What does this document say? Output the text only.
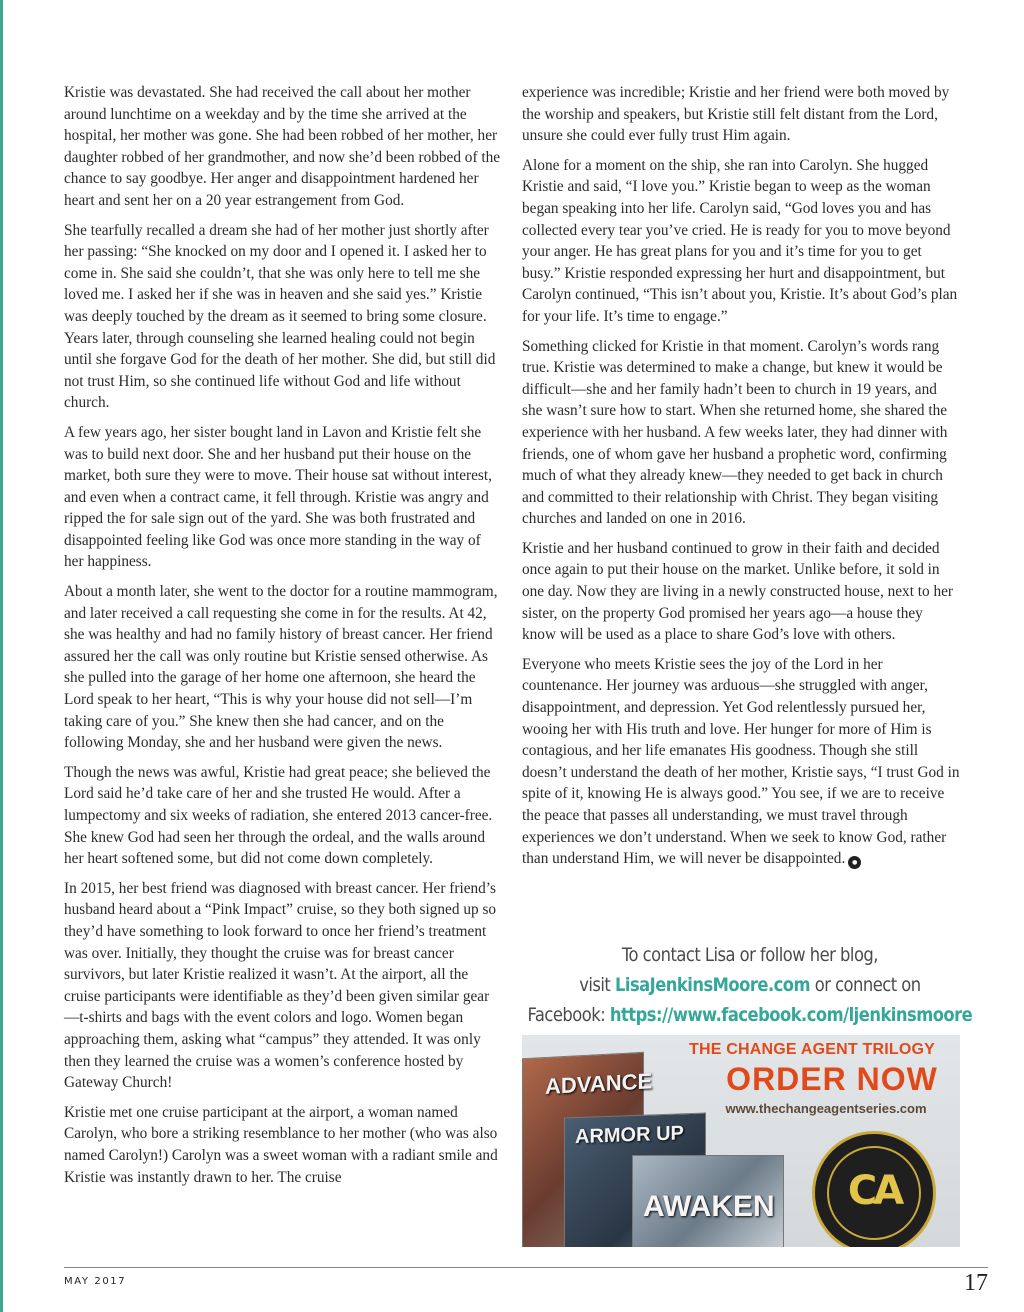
Kristie was devastated. She had received the call about her mother around lunchtime on a weekday and by the time she arrived at the hospital, her mother was gone. She had been robbed of her mother, her daughter robbed of her grandmother, and now she’d been robbed of the chance to say goodbye. Her anger and disappointment hardened her heart and sent her on a 20 year estrangement from God.

She tearfully recalled a dream she had of her mother just shortly after her passing: “She knocked on my door and I opened it. I asked her to come in. She said she couldn’t, that she was only here to tell me she loved me. I asked her if she was in heaven and she said yes.” Kristie was deeply touched by the dream as it seemed to bring some closure. Years later, through counseling she learned healing could not begin until she forgave God for the death of her mother. She did, but still did not trust Him, so she continued life without God and life without church.

A few years ago, her sister bought land in Lavon and Kristie felt she was to build next door. She and her husband put their house on the market, both sure they were to move. Their house sat without interest, and even when a contract came, it fell through. Kristie was angry and ripped the for sale sign out of the yard. She was both frustrated and disappointed feeling like God was once more standing in the way of her happiness.

About a month later, she went to the doctor for a routine mammogram, and later received a call requesting she come in for the results. At 42, she was healthy and had no family history of breast cancer. Her friend assured her the call was only routine but Kristie sensed otherwise. As she pulled into the garage of her home one afternoon, she heard the Lord speak to her heart, “This is why your house did not sell—I’m taking care of you.” She knew then she had cancer, and on the following Monday, she and her husband were given the news.

Though the news was awful, Kristie had great peace; she believed the Lord said he’d take care of her and she trusted He would. After a lumpectomy and six weeks of radiation, she entered 2013 cancer-free. She knew God had seen her through the ordeal, and the walls around her heart softened some, but did not come down completely.

In 2015, her best friend was diagnosed with breast cancer. Her friend’s husband heard about a “Pink Impact” cruise, so they both signed up so they’d have something to look forward to once her friend’s treatment was over. Initially, they thought the cruise was for breast cancer survivors, but later Kristie realized it wasn’t. At the airport, all the cruise participants were identifiable as they’d been given similar gear—t-shirts and bags with the event colors and logo. Women began approaching them, asking what “campus” they attended. It was only then they learned the cruise was a women’s conference hosted by Gateway Church!

Kristie met one cruise participant at the airport, a woman named Carolyn, who bore a striking resemblance to her mother (who was also named Carolyn!) Carolyn was a sweet woman with a radiant smile and Kristie was instantly drawn to her. The cruise

experience was incredible; Kristie and her friend were both moved by the worship and speakers, but Kristie still felt distant from the Lord, unsure she could ever fully trust Him again.

Alone for a moment on the ship, she ran into Carolyn. She hugged Kristie and said, “I love you.” Kristie began to weep as the woman began speaking into her life. Carolyn said, “God loves you and has collected every tear you’ve cried. He is ready for you to move beyond your anger. He has great plans for you and it’s time for you to get busy.” Kristie responded expressing her hurt and disappointment, but Carolyn continued, “This isn’t about you, Kristie. It’s about God’s plan for your life. It’s time to engage.”

Something clicked for Kristie in that moment. Carolyn’s words rang true. Kristie was determined to make a change, but knew it would be difficult—she and her family hadn’t been to church in 19 years, and she wasn’t sure how to start. When she returned home, she shared the experience with her husband. A few weeks later, they had dinner with friends, one of whom gave her husband a prophetic word, confirming much of what they already knew—they needed to get back in church and committed to their relationship with Christ. They began visiting churches and landed on one in 2016.

Kristie and her husband continued to grow in their faith and decided once again to put their house on the market. Unlike before, it sold in one day. Now they are living in a newly constructed house, next to her sister, on the property God promised her years ago—a house they know will be used as a place to share God’s love with others.

Everyone who meets Kristie sees the joy of the Lord in her countenance. Her journey was arduous—she struggled with anger, disappointment, and depression. Yet God relentlessly pursued her, wooing her with His truth and love. Her hunger for more of Him is contagious, and her life emanates His goodness. Though she still doesn’t understand the death of her mother, Kristie says, “I trust God in spite of it, knowing He is always good.” You see, if we are to receive the peace that passes all understanding, we must travel through experiences we don’t understand. When we seek to know God, rather than understand Him, we will never be disappointed. ●

To contact Lisa or follow her blog,
visit LisaJenkinsMoore.com or connect on
Facebook: https://www.facebook.com/ljenkinsmoore
ADVANCE
ARMOR UP
AWAKEN
THE CHANGE AGENT TRILOGY
ORDER NOW
www.thechangeagentseries.com
CA
MAY 2017	17
